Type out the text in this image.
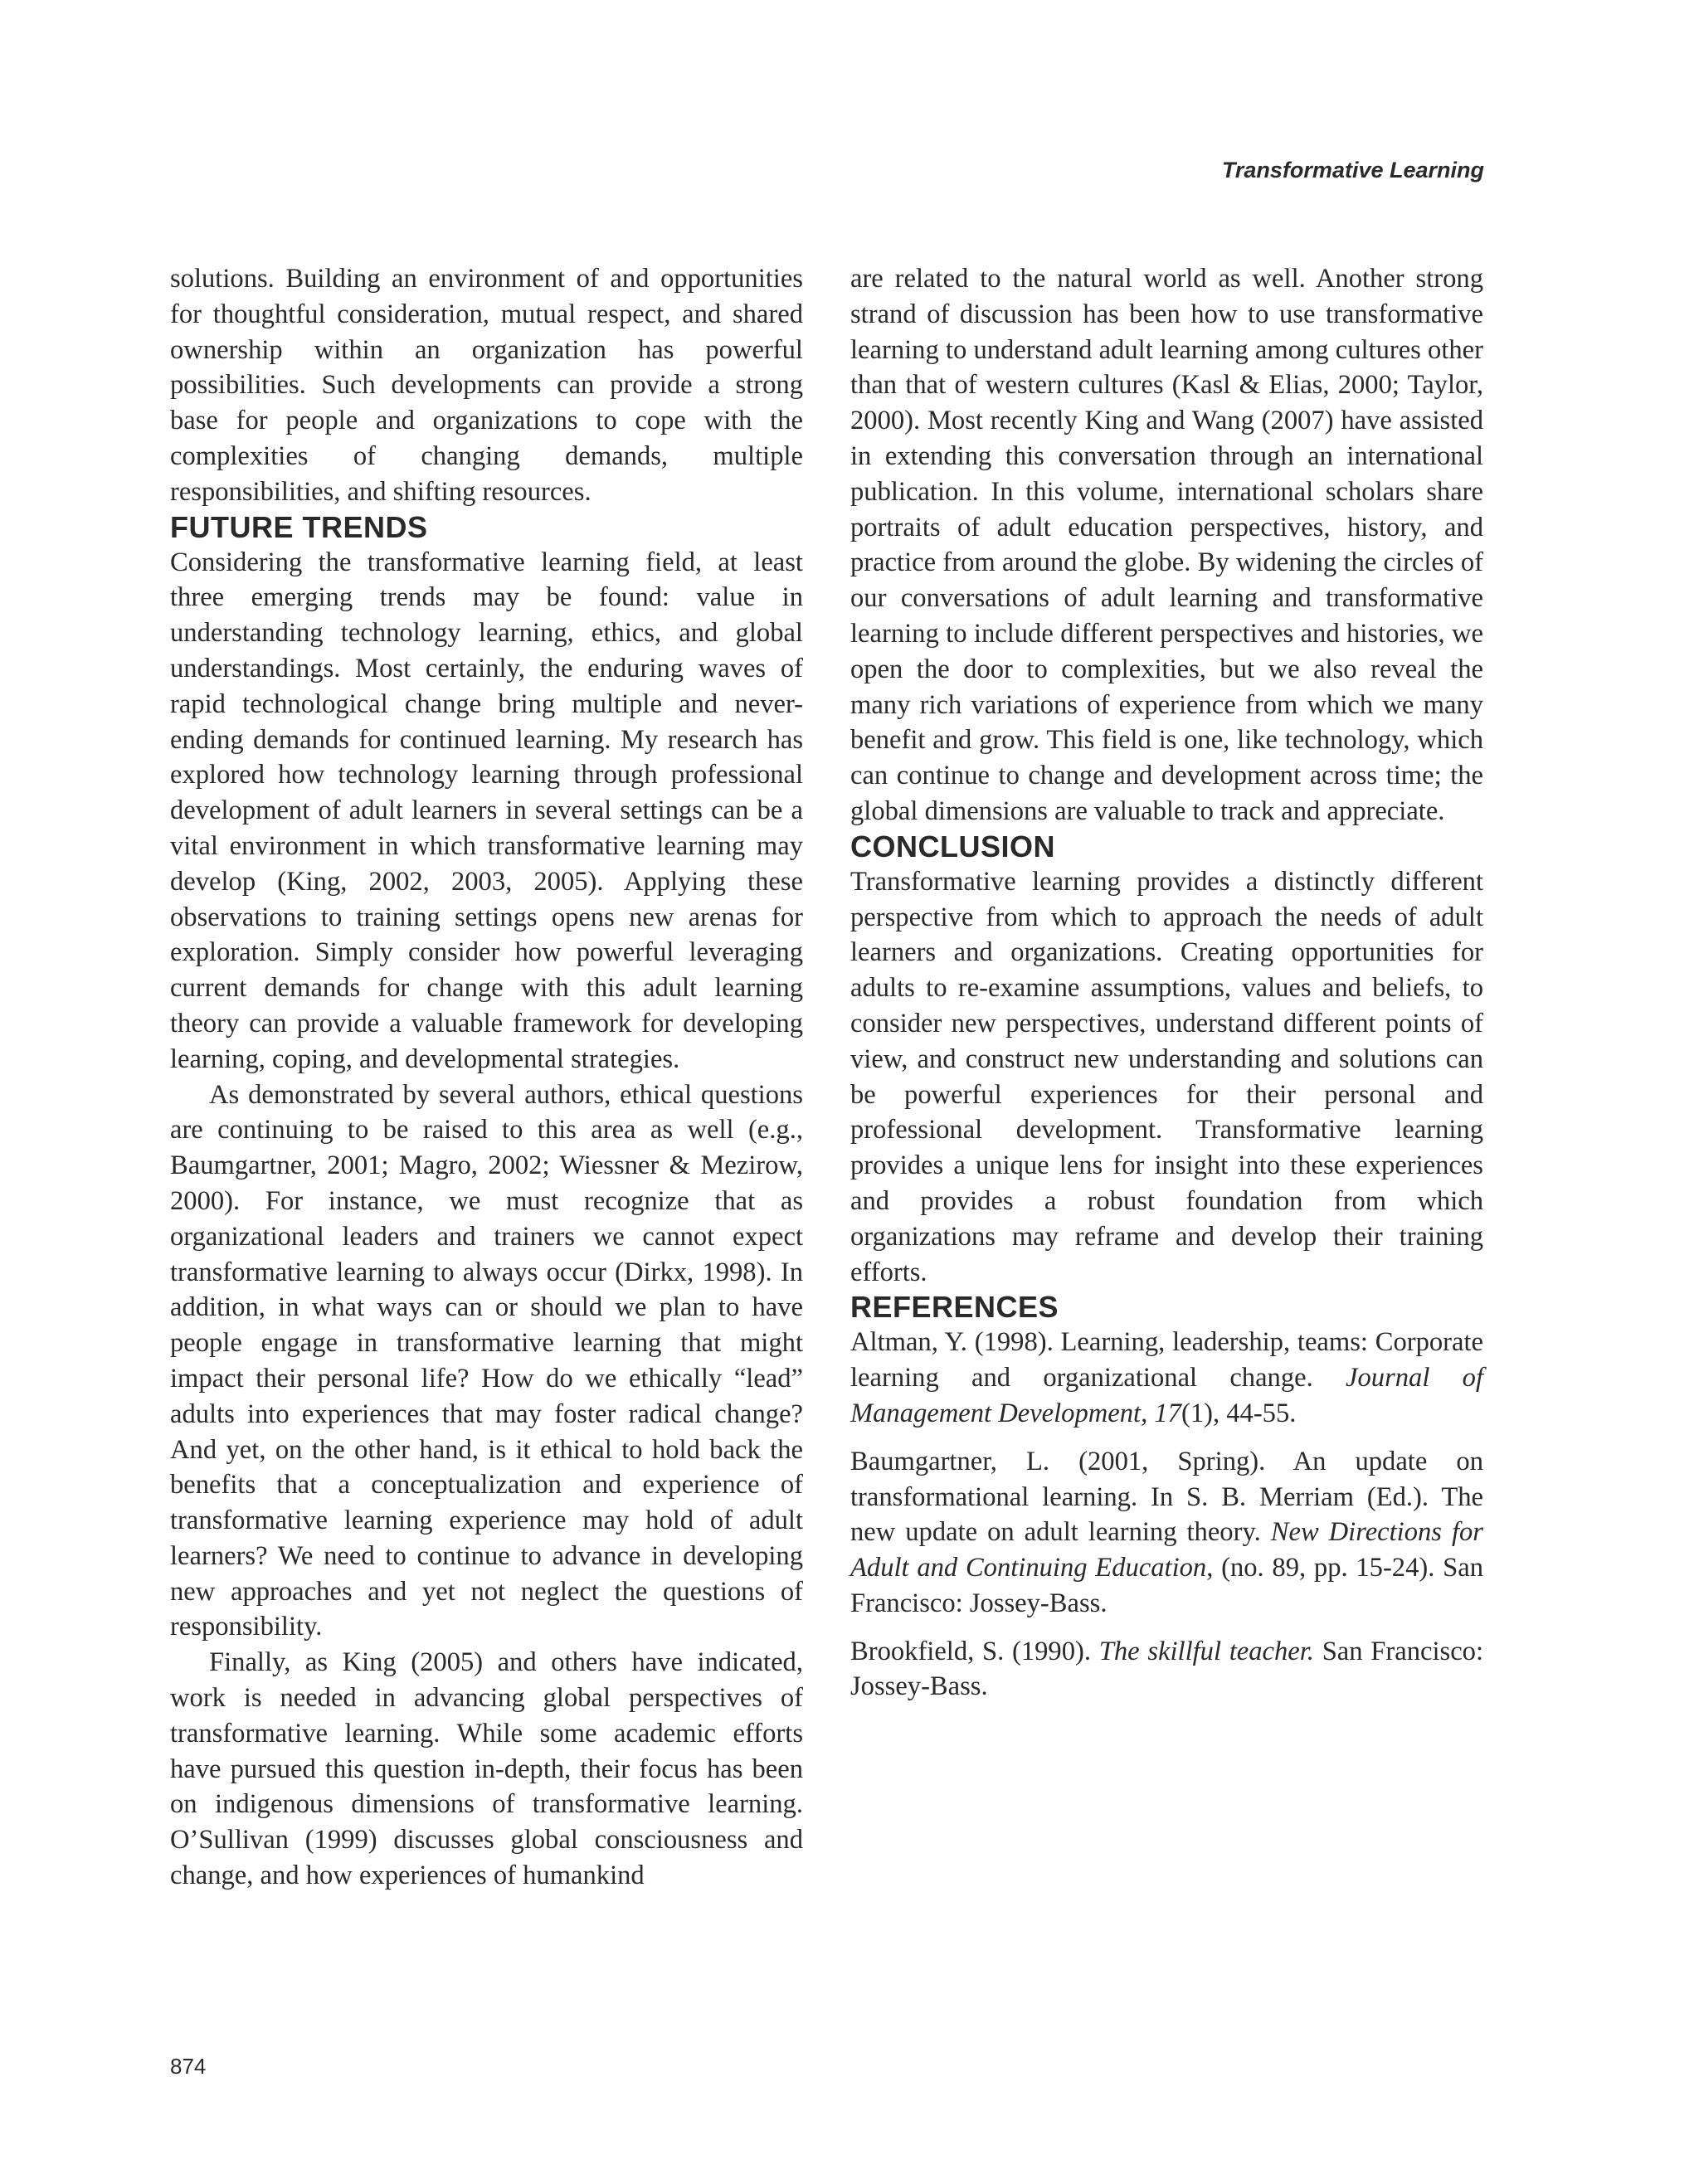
Transformative Learning

solutions. Building an environment of and opportunities for thoughtful consideration, mutual respect, and shared ownership within an organization has powerful possibilities. Such developments can provide a strong base for people and organizations to cope with the complexities of changing demands, multiple responsibilities, and shifting resources.

FUTURE TRENDS

Considering the transformative learning field, at least three emerging trends may be found: value in understanding technology learning, ethics, and global understandings. Most certainly, the enduring waves of rapid technological change bring multiple and never-ending demands for continued learning. My research has explored how technology learning through professional development of adult learners in several settings can be a vital environment in which transformative learning may develop (King, 2002, 2003, 2005). Applying these observations to training settings opens new arenas for exploration. Simply consider how powerful leveraging current demands for change with this adult learning theory can provide a valuable framework for developing learning, coping, and developmental strategies.

As demonstrated by several authors, ethical questions are continuing to be raised to this area as well (e.g., Baumgartner, 2001; Magro, 2002; Wiessner & Mezirow, 2000). For instance, we must recognize that as organizational leaders and trainers we cannot expect transformative learning to always occur (Dirkx, 1998). In addition, in what ways can or should we plan to have people engage in transformative learning that might impact their personal life? How do we ethically “lead” adults into experiences that may foster radical change? And yet, on the other hand, is it ethical to hold back the benefits that a conceptualization and experience of transformative learning experience may hold of adult learners? We need to continue to advance in developing new approaches and yet not neglect the questions of responsibility.

Finally, as King (2005) and others have indicated, work is needed in advancing global perspectives of transformative learning. While some academic efforts have pursued this question in-depth, their focus has been on indigenous dimensions of transformative learning. O’Sullivan (1999) discusses global consciousness and change, and how experiences of humankind

are related to the natural world as well. Another strong strand of discussion has been how to use transformative learning to understand adult learning among cultures other than that of western cultures (Kasl & Elias, 2000; Taylor, 2000). Most recently King and Wang (2007) have assisted in extending this conversation through an international publication. In this volume, international scholars share portraits of adult education perspectives, history, and practice from around the globe. By widening the circles of our conversations of adult learning and transformative learning to include different perspectives and histories, we open the door to complexities, but we also reveal the many rich variations of experience from which we many benefit and grow. This field is one, like technology, which can continue to change and development across time; the global dimensions are valuable to track and appreciate.

CONCLUSION

Transformative learning provides a distinctly different perspective from which to approach the needs of adult learners and organizations. Creating opportunities for adults to re-examine assumptions, values and beliefs, to consider new perspectives, understand different points of view, and construct new understanding and solutions can be powerful experiences for their personal and professional development. Transformative learning provides a unique lens for insight into these experiences and provides a robust foundation from which organizations may reframe and develop their training efforts.

REFERENCES

Altman, Y. (1998). Learning, leadership, teams: Corporate learning and organizational change. Journal of Management Development, 17(1), 44-55.

Baumgartner, L. (2001, Spring). An update on transformational learning. In S. B. Merriam (Ed.). The new update on adult learning theory. New Directions for Adult and Continuing Education, (no. 89, pp. 15-24). San Francisco: Jossey-Bass.

Brookfield, S. (1990). The skillful teacher. San Francisco: Jossey-Bass.

874
